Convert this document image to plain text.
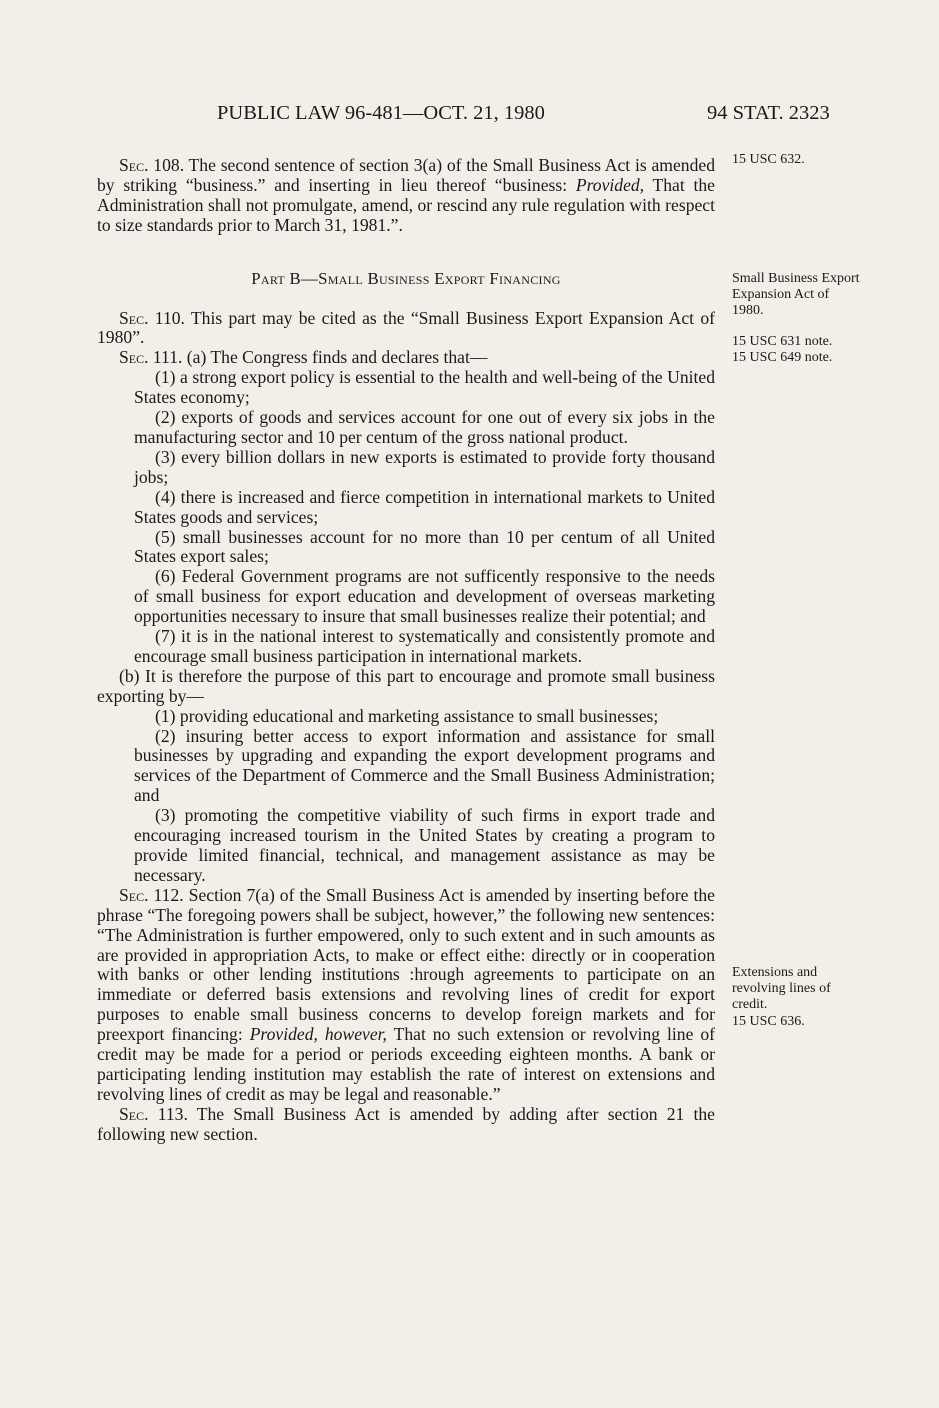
PUBLIC LAW 96-481—OCT. 21, 1980	94 STAT. 2323

Sec. 108. The second sentence of section 3(a) of the Small Business Act is amended by striking “business.” and inserting in lieu thereof “business: Provided, That the Administration shall not promulgate, amend, or rescind any rule regulation with respect to size standards prior to March 31, 1981.”.

Part B—Small Business Export Financing

Sec. 110. This part may be cited as the “Small Business Export Expansion Act of 1980”.

Sec. 111. (a) The Congress finds and declares that—

(1) a strong export policy is essential to the health and well-being of the United States economy;

(2) exports of goods and services account for one out of every six jobs in the manufacturing sector and 10 per centum of the gross national product.

(3) every billion dollars in new exports is estimated to provide forty thousand jobs;

(4) there is increased and fierce competition in international markets to United States goods and services;

(5) small businesses account for no more than 10 per centum of all United States export sales;

(6) Federal Government programs are not sufficently responsive to the needs of small business for export education and development of overseas marketing opportunities necessary to insure that small businesses realize their potential; and

(7) it is in the national interest to systematically and consistently promote and encourage small business participation in international markets.

(b) It is therefore the purpose of this part to encourage and promote small business exporting by—

(1) providing educational and marketing assistance to small businesses;

(2) insuring better access to export information and assistance for small businesses by upgrading and expanding the export development programs and services of the Department of Commerce and the Small Business Administration; and

(3) promoting the competitive viability of such firms in export trade and encouraging increased tourism in the United States by creating a program to provide limited financial, technical, and management assistance as may be necessary.

Sec. 112. Section 7(a) of the Small Business Act is amended by inserting before the phrase “The foregoing powers shall be subject, however,” the following new sentences: “The Administration is further empowered, only to such extent and in such amounts as are provided in appropriation Acts, to make or effect eithe: directly or in cooperation with banks or other lending institutions :hrough agreements to participate on an immediate or deferred basis extensions and revolving lines of credit for export purposes to enable small business concerns to develop foreign markets and for preexport financing: Provided, however, That no such extension or revolving line of credit may be made for a period or periods exceeding eighteen months. A bank or participating lending institution may establish the rate of interest on extensions and revolving lines of credit as may be legal and reasonable.”

Sec. 113. The Small Business Act is amended by adding after section 21 the following new section.

15 USC 632.
Small Business Export Expansion Act of 1980.
15 USC 631 note.
15 USC 649 note.
Extensions and revolving lines of credit.
15 USC 636.
